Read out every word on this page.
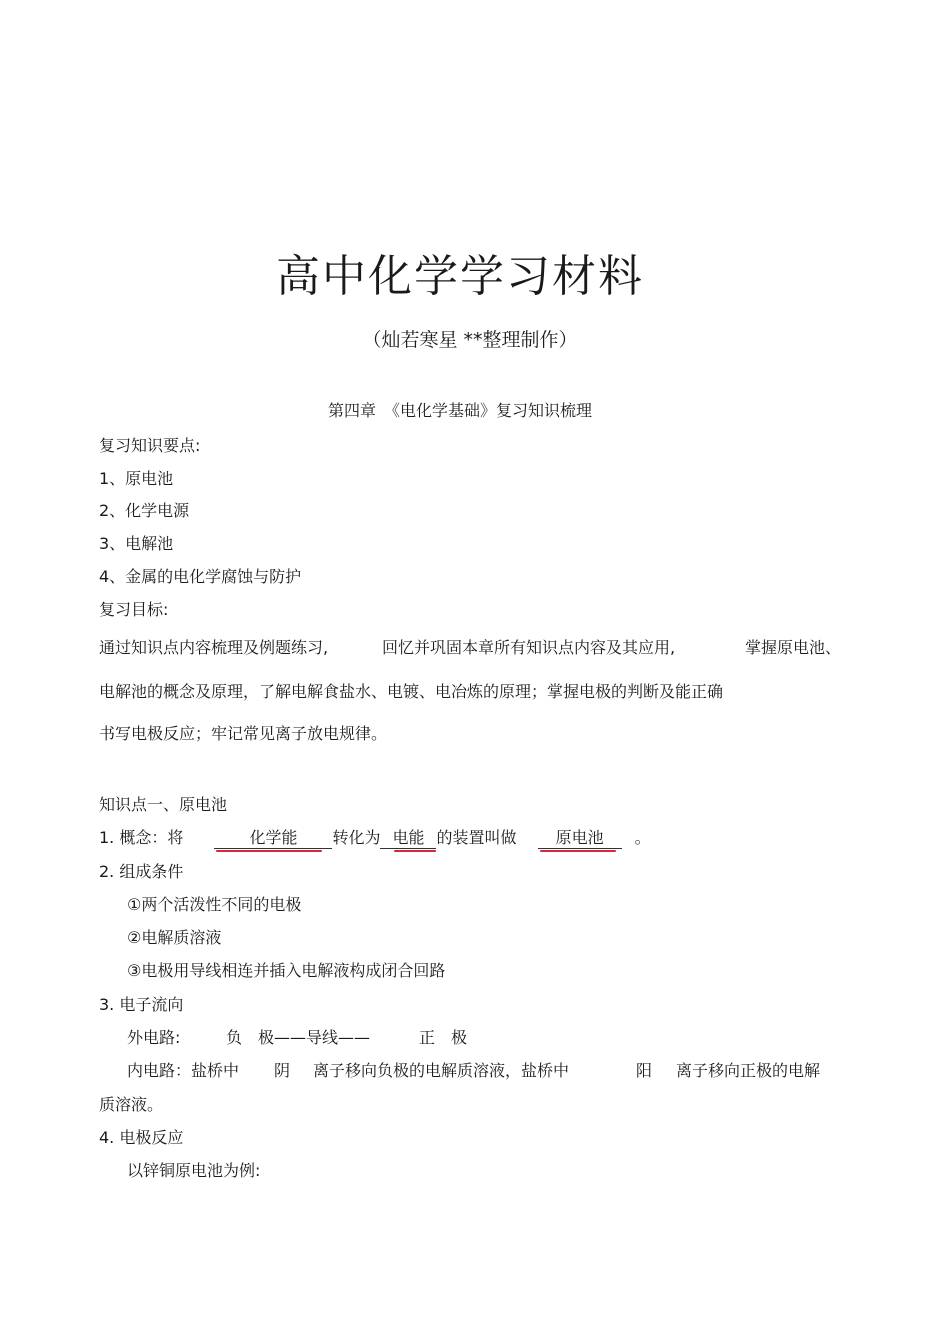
高中化学学习材料
（灿若寒星 **整理制作）
第四章　《电化学基础》复习知识梳理
复习知识要点:
1、原电池
2、化学电源
3、电解池
4、金属的电化学腐蚀与防护
复习目标:
通过知识点内容梳理及例题练习,	回忆并巩固本章所有知识点内容及其应用,	掌握原电池、
电解池的概念及原理，了解电解食盐水、电镀、电冶炼的原理；掌握电极的判断及能正确
书写电极反应；牢记常见离子放电规律。
知识点一、原电池
1. 概念：将	化学能 转化为 电能 的装置叫做 原电池 。
2. 组成条件
①两个活泼性不同的电极
②电解质溶液
③电极用导线相连并插入电解液构成闭合回路
3. 电子流向
外电路:	负　极——导线——	正　极
内电路：盐桥中 阴 离子移向负极的电解质溶液，盐桥中	阳 离子移向正极的电解
质溶液。
4. 电极反应
以锌铜原电池为例:
